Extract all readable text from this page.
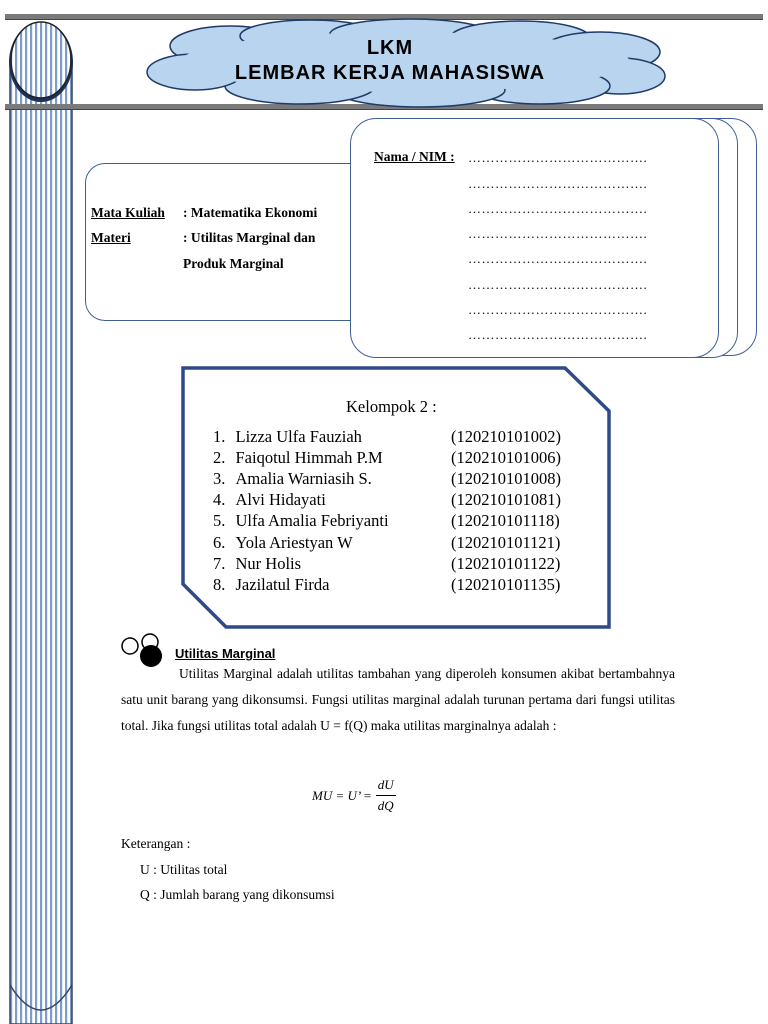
LKM
LEMBAR KERJA MAHASISWA
Mata Kuliah : Matematika Ekonomi
Materi	: Utilitas Marginal dan
Produk Marginal
Nama / NIM : ………………………………….
………………………………….
………………………………….
………………………………….
………………………………….
………………………………….
………………………………….
………………………………….
Kelompok 2 :
1. Lizza Ulfa Fauziah	(120210101002)
2. Faiqotul Himmah P.M	(120210101006)
3. Amalia Warniasih S.	(120210101008)
4. Alvi Hidayati	(120210101081)
5. Ulfa Amalia Febriyanti	(120210101118)
6. Yola Ariestyan W	(120210101121)
7. Nur Holis	(120210101122)
8. Jazilatul Firda	(120210101135)
Utilitas Marginal
Utilitas Marginal adalah utilitas tambahan yang diperoleh konsumen akibat bertambahnya satu unit barang yang dikonsumsi. Fungsi utilitas marginal adalah turunan pertama dari fungsi utilitas total. Jika fungsi utilitas total adalah U = f(Q) maka utilitas marginalnya adalah :
MU = U’ = $\frac{dU}{dQ}$
Keterangan :
U : Utilitas total
Q : Jumlah barang yang dikonsumsi
